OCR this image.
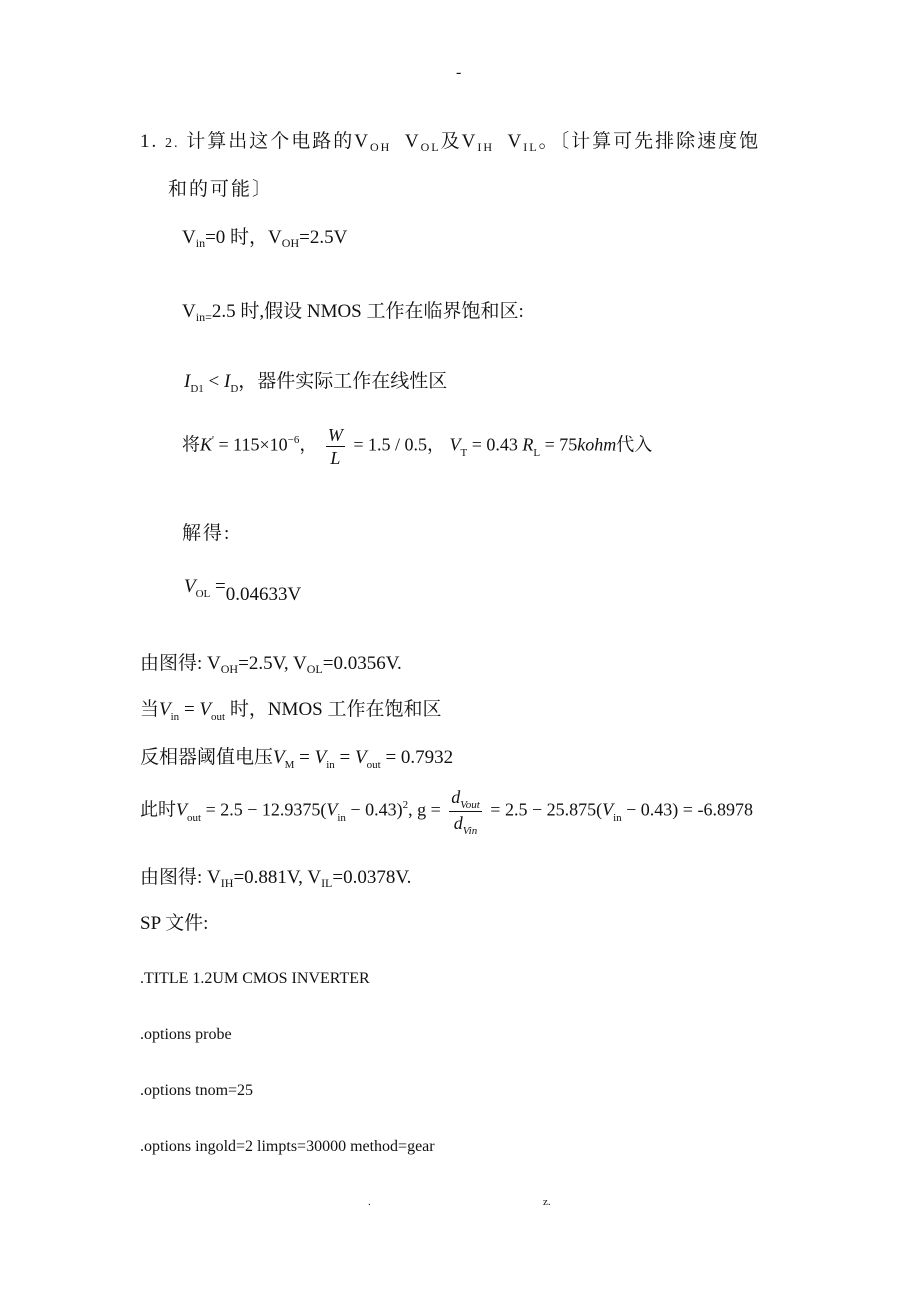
-
1. 2. 计算出这个电路的$V_{OH}$ $V_{OL}$及$V_{IH}$ $V_{IL}$。〔计算可先排除速度饱
和的可能〕
$V_{in}=0$ 时，$V_{OH}=2.5V$
$V_{in=}2.5$ 时,假设 NMOS 工作在临界饱和区:
$I_{D1} < I_D$，器件实际工作在线性区
将$K' = 115\times 10^{-6}$， $\frac{W}{L} = 1.5 / 0.5$， $V_T = 0.43$ $R_L$ = 75kohm代入
解得:
$V_{OL} =0.04633V$
由图得: $V_{OH}=2.5V$, $V_{OL}=0.0356V$.
当$V_{in} = V_{out}$ 时，NMOS 工作在饱和区
反相器阈值电压$V_M = V_{in} = V_{out} = 0.7932$
此时$V_{out} = 2.5 - 12.9375(V_{in} - 0.43)^2$, $g = \frac{d_{Vout}}{d_{Vin}} = 2.5 - 25.875(V_{in} - 0.43) = -6.8978$
由图得: $V_{IH}=0.881V$, $V_{IL}=0.0378V$.
SP 文件:
.TITLE 1.2UM CMOS INVERTER
.options probe
.options tnom=25
.options ingold=2 limpts=30000 method=gear
.	z.
